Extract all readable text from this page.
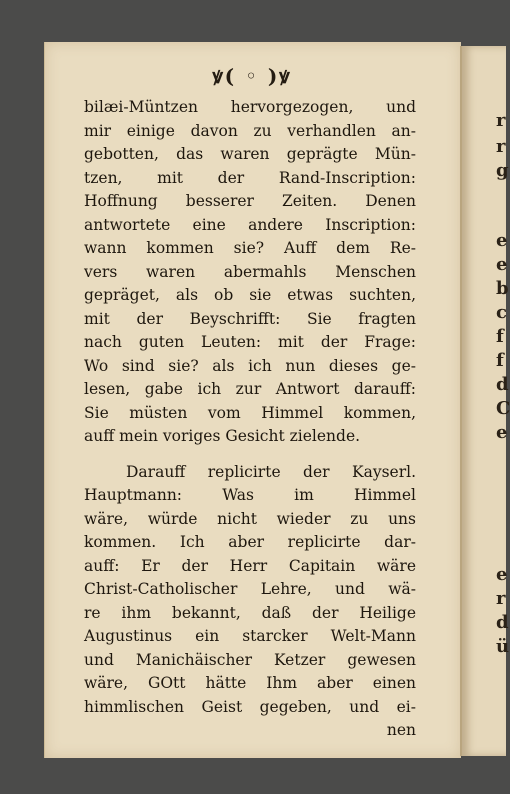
r
r
g
e
e
b
c
f
f
d
C
e
e
r
d
ü
ꝟ( ◦ )ꝟ
bilæi-Müntzen hervorgezogen, und
mir einige davon zu verhandlen an-
gebotten, das waren geprägte Mün-
tzen, mit der Rand-Inscription:
Hoffnung besserer Zeiten. Denen
antwortete eine andere Inscription:
wann kommen sie? Auff dem Re-
vers waren abermahls Menschen
gepräget, als ob sie etwas suchten,
mit der Beyschrifft: Sie fragten
nach guten Leuten: mit der Frage:
Wo sind sie? als ich nun dieses ge-
lesen, gabe ich zur Antwort darauff:
Sie müsten vom Himmel kommen,
auff mein voriges Gesicht zielende.
Darauff replicirte der Kayserl.
Hauptmann: Was im Himmel
wäre, würde nicht wieder zu uns
kommen. Ich aber replicirte dar-
auff: Er der Herr Capitain wäre
Christ-Catholischer Lehre, und wä-
re ihm bekannt, daß der Heilige
Augustinus ein starcker Welt-Mann
und Manichäischer Ketzer gewesen
wäre, GOtt hätte Ihm aber einen
himmlischen Geist gegeben, und ei-
nen
